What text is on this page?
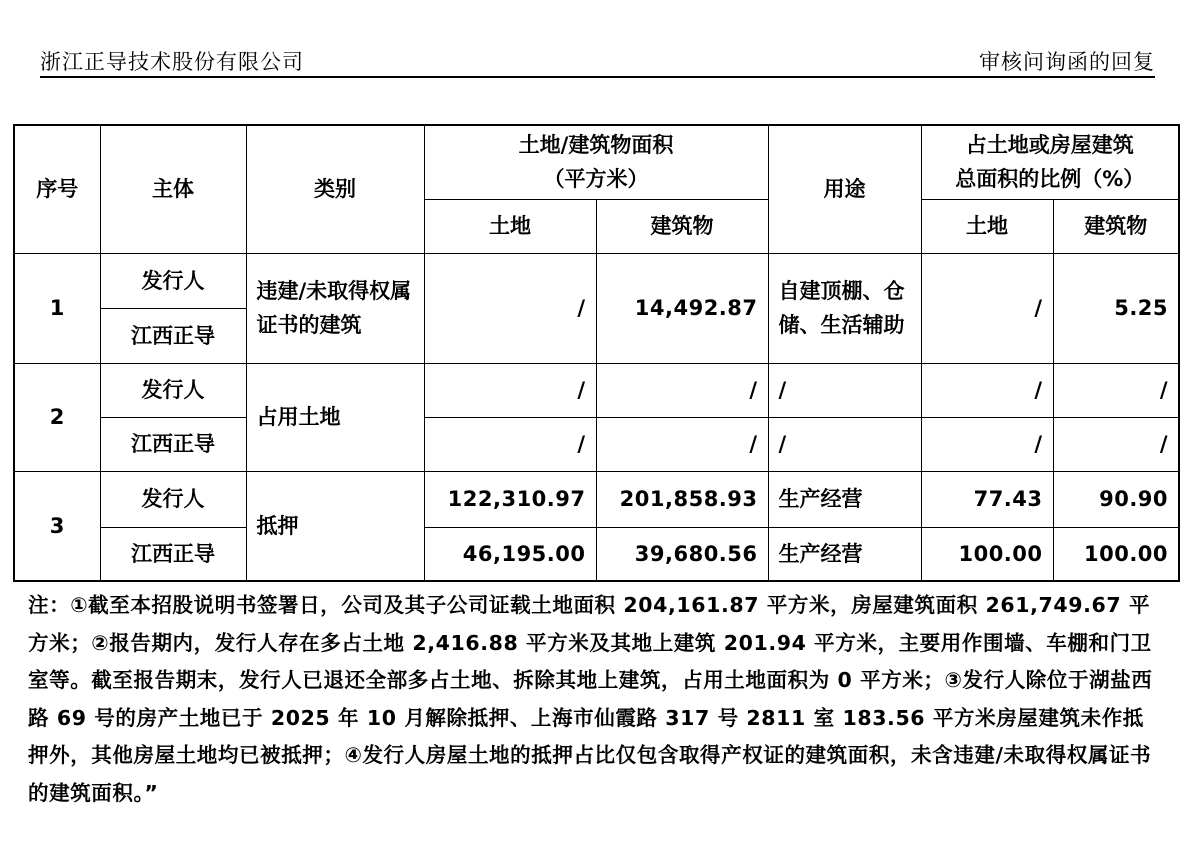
浙江正导技术股份有限公司	审核问询函的回复
序号	主体	类别	土地/建筑物面积
（平方米）		用途	占土地或房屋建筑
总面积的比例（%）	
			土地	建筑物		土地	建筑物
1	发行人	违建/未取得权属证书的建筑	/	14,492.87	自建顶棚、仓储、生活辅助	/	5.25
	江西正导						
2	发行人	占用土地	/	/	/	/	/
	江西正导		/	/	/	/	/
3	发行人	抵押	122,310.97	201,858.93	生产经营	77.43	90.90
	江西正导		46,195.00	39,680.56	生产经营	100.00	100.00
注：①截至本招股说明书签署日，公司及其子公司证载土地面积 204,161.87 平方米，房屋建筑面积 261,749.67 平方米；②报告期内，发行人存在多占土地 2,416.88 平方米及其地上建筑 201.94 平方米，主要用作围墙、车棚和门卫室等。截至报告期末，发行人已退还全部多占土地、拆除其地上建筑，占用土地面积为 0 平方米；③发行人除位于湖盐西路 69 号的房产土地已于 2025 年 10 月解除抵押、上海市仙霞路 317 号 2811 室 183.56 平方米房屋建筑未作抵押外，其他房屋土地均已被抵押；④发行人房屋土地的抵押占比仅包含取得产权证的建筑面积，未含违建/未取得权属证书的建筑面积。”
